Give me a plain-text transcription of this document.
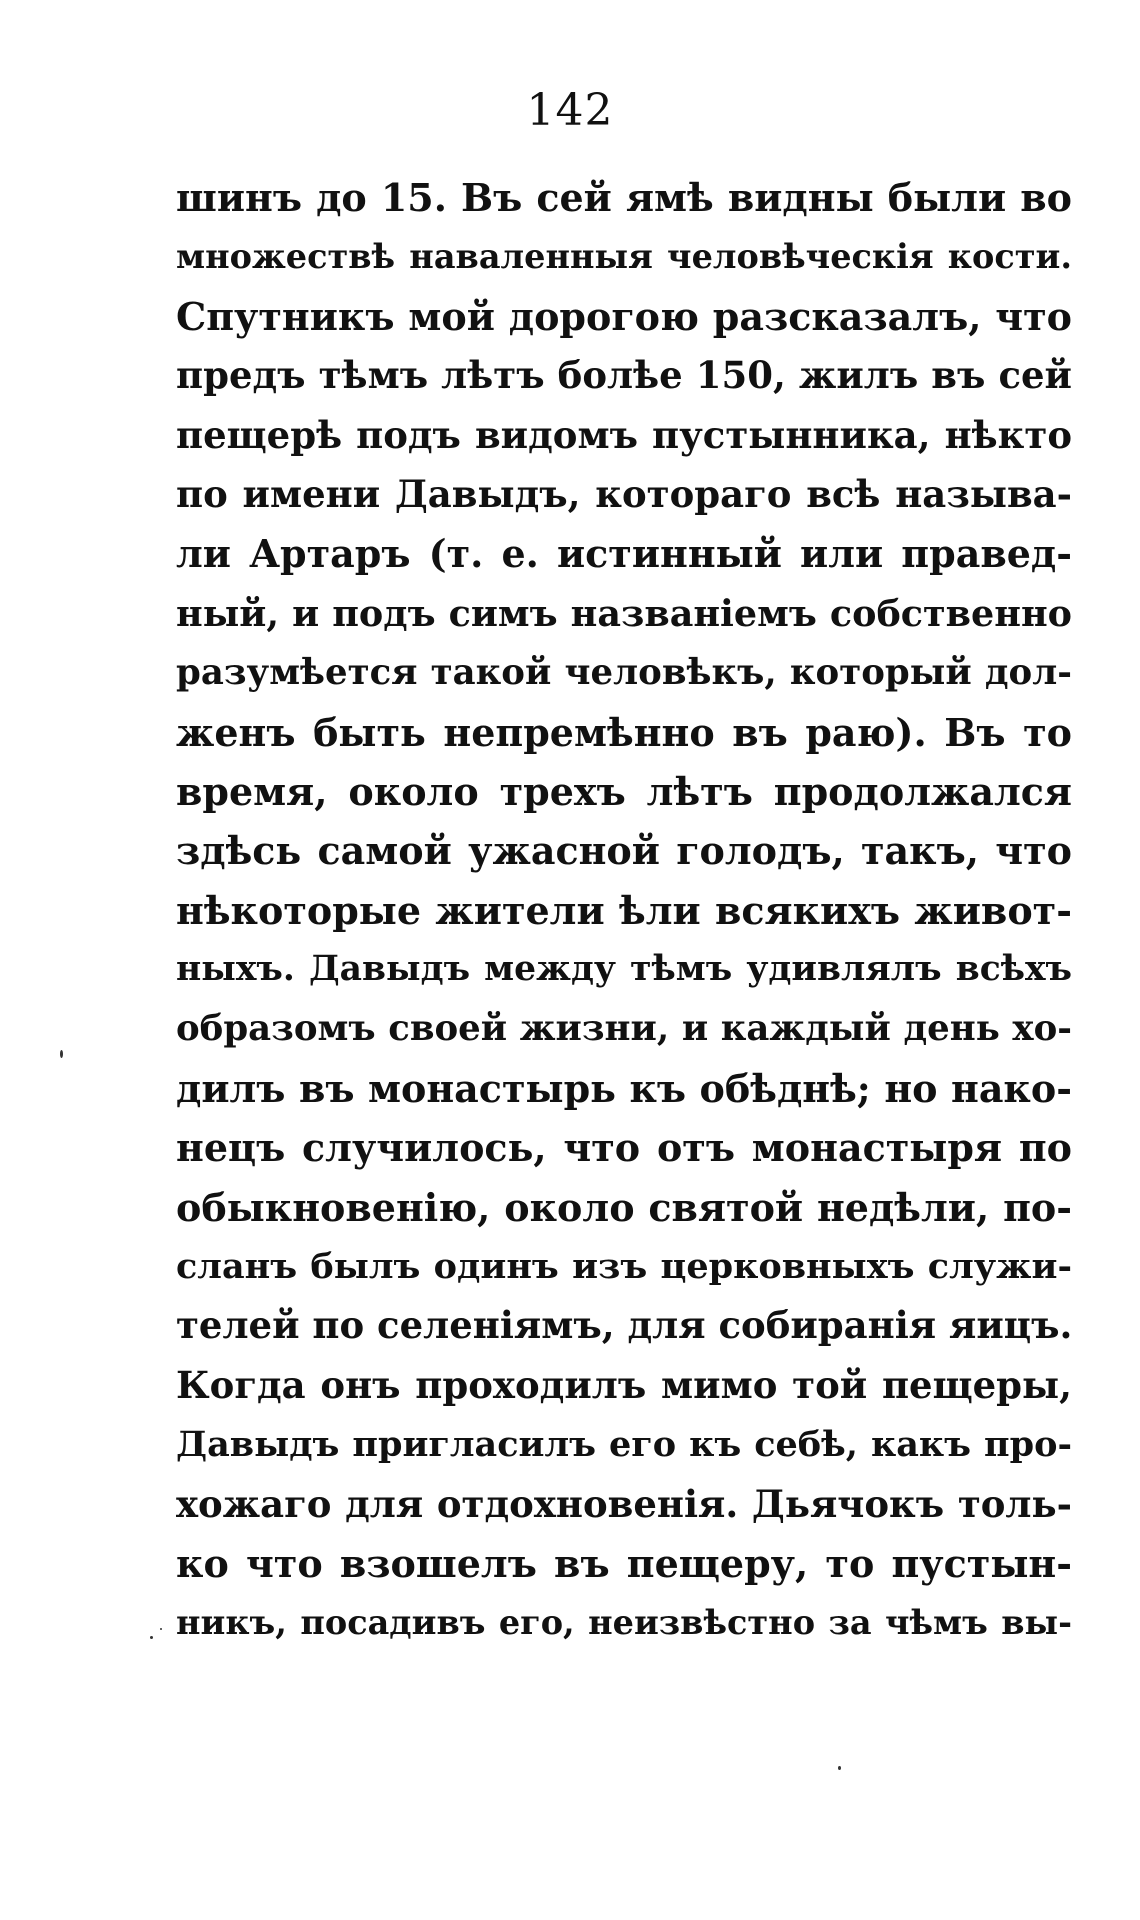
142
шинъ до 15. Въ сей ямѣ видны были во
множествѣ наваленныя человѣческія кости.
Спутникъ мой дорогою разсказалъ, что
предъ тѣмъ лѣтъ болѣе 150, жилъ въ сей
пещерѣ подъ видомъ пустынника, нѣкто
по имени Давыдъ, котораго всѣ называ-
ли Артаръ (т. е. истинный или правед-
ный, и подъ симъ названіемъ собственно
разумѣется такой человѣкъ, который дол-
женъ быть непремѣнно въ раю). Въ то
время, около трехъ лѣтъ продолжался
здѣсь самой ужасной голодъ, такъ, что
нѣкоторые жители ѣли всякихъ живот-
ныхъ. Давыдъ между тѣмъ удивлялъ всѣхъ
образомъ своей жизни, и каждый день хо-
дилъ въ монастырь къ обѣднѣ; но нако-
нецъ случилось, что отъ монастыря по
обыкновенію, около святой недѣли, по-
сланъ былъ одинъ изъ церковныхъ служи-
телей по селеніямъ, для собиранія яицъ.
Когда онъ проходилъ мимо той пещеры,
Давыдъ пригласилъ его къ себѣ, какъ про-
хожаго для отдохновенія. Дьячокъ толь-
ко что взошелъ въ пещеру, то пустын-
никъ, посадивъ его, неизвѣстно за чѣмъ вы-
